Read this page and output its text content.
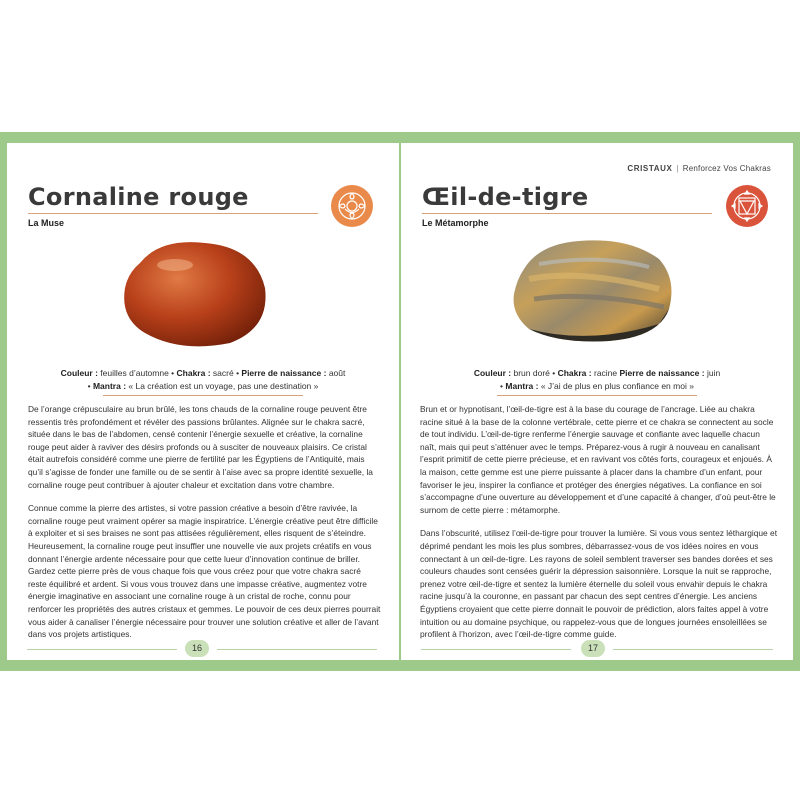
Cornaline rouge
La Muse
Couleur : feuilles d’automne • Chakra : sacré • Pierre de naissance : août
• Mantra : « La création est un voyage, pas une destination »

De l’orange crépusculaire au brun brûlé, les tons chauds de la cornaline rouge peuvent être ressentis très profondément et révéler des passions brûlantes. Alignée sur le chakra sacré, située dans le bas de l’abdomen, censé contenir l’énergie sexuelle et créative, la cornaline rouge peut aider à raviver des désirs profonds ou à susciter de nouveaux plaisirs. Ce cristal était autrefois considéré comme une pierre de fertilité par les Égyptiens de l’Antiquité, mais qu’il s’agisse de fonder une famille ou de se sentir à l’aise avec sa propre identité sexuelle, la cornaline rouge peut contribuer à ajouter chaleur et excitation dans votre chambre.

Connue comme la pierre des artistes, si votre passion créative a besoin d’être ravivée, la cornaline rouge peut vraiment opérer sa magie inspiratrice. L’énergie créative peut être difficile à exploiter et si ses braises ne sont pas attisées régulièrement, elles risquent de s’éteindre. Heureusement, la cornaline rouge peut insuffler une nouvelle vie aux projets créatifs en vous donnant l’énergie ardente nécessaire pour que cette lueur d’innovation continue de briller. Gardez cette pierre près de vous chaque fois que vous créez pour que votre chakra sacré reste équilibré et ardent. Si vous vous trouvez dans une impasse créative, augmentez votre énergie imaginative en associant une cornaline rouge à un cristal de roche, connu pour renforcer les propriétés des autres cristaux et gemmes. Le pouvoir de ces deux pierres pourrait vous aider à canaliser l’énergie nécessaire pour trouver une solution créative et aller de l’avant dans vos projets artistiques.

16
CRISTAUX | Renforcez Vos Chakras
Œil-de-tigre
Le Métamorphe
Couleur : brun doré • Chakra : racine Pierre de naissance : juin
• Mantra : « J’ai de plus en plus confiance en moi »

Brun et or hypnotisant, l’œil-de-tigre est à la base du courage de l’ancrage. Liée au chakra racine situé à la base de la colonne vertébrale, cette pierre et ce chakra se connectent au socle de tout individu. L’œil-de-tigre renferme l’énergie sauvage et confiante avec laquelle chacun naît, mais qui peut s’atténuer avec le temps. Préparez-vous à rugir à nouveau en canalisant l’esprit primitif de cette pierre précieuse, et en ravivant vos côtés forts, courageux et enjoués. À la maison, cette gemme est une pierre puissante à placer dans la chambre d’un enfant, pour favoriser le jeu, inspirer la confiance et protéger des énergies négatives. La confiance en soi s’accompagne d’une ouverture au développement et d’une capacité à changer, d’où peut-être le surnom de cette pierre : métamorphe.

Dans l’obscurité, utilisez l’œil-de-tigre pour trouver la lumière. Si vous vous sentez léthargique et déprimé pendant les mois les plus sombres, débarrassez-vous de vos idées noires en vous connectant à un œil-de-tigre. Les rayons de soleil semblent traverser ses bandes dorées et ses couleurs chaudes sont censées guérir la dépression saisonnière. Lorsque la nuit se rapproche, prenez votre œil-de-tigre et sentez la lumière éternelle du soleil vous envahir depuis le chakra racine jusqu’à la couronne, en passant par chacun des sept centres d’énergie. Les anciens Égyptiens croyaient que cette pierre donnait le pouvoir de prédiction, alors faites appel à votre intuition ou au domaine psychique, ou rappelez-vous que de longues journées ensoleillées se profilent à l’horizon, avec l’œil-de-tigre comme guide.

17
